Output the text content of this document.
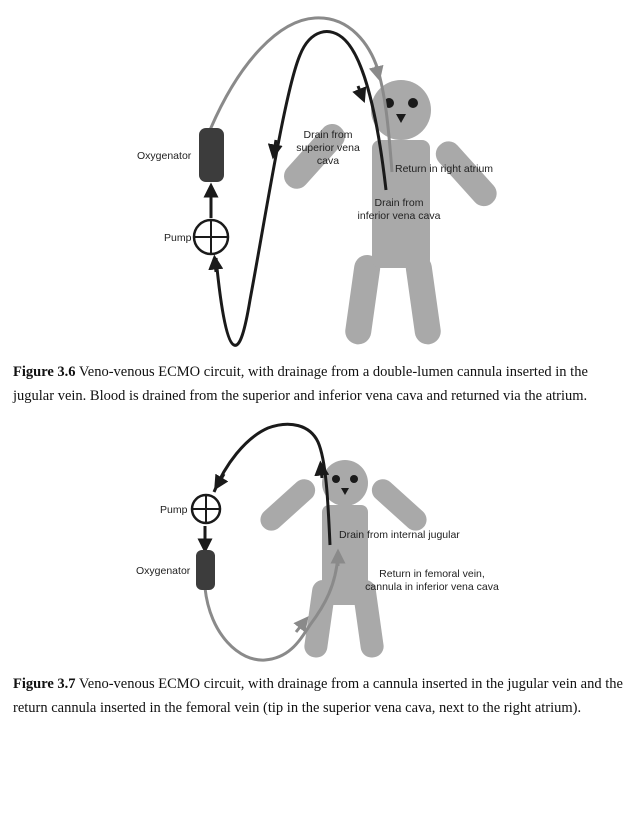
Oxygenator
Pump
Drain from
superior vena
cava
Return in right atrium
Drain from
inferior vena cava

Figure 3.6 Veno-venous ECMO circuit, with drainage from a double-lumen cannula inserted in the jugular vein. Blood is drained from the superior and inferior vena cava and returned via the atrium.

Pump
Oxygenator
Drain from internal jugular
Return in femoral vein,
cannula in inferior vena cava

Figure 3.7 Veno-venous ECMO circuit, with drainage from a cannula inserted in the jugular vein and the return cannula inserted in the femoral vein (tip in the superior vena cava, next to the right atrium).
